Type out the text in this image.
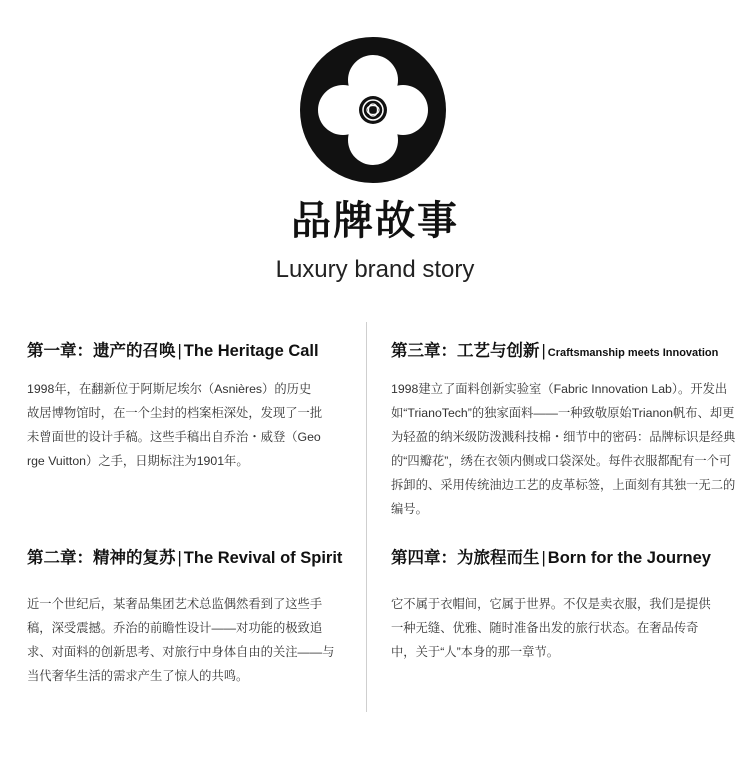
品牌故事
Luxury brand story
第一章：遗产的召唤 | The Heritage Call
1998年，在翻新位于阿斯尼埃尔（Asnières）的历史故居博物馆时，在一个尘封的档案柜深处，发现了一批未曾面世的设计手稿。这些手稿出自乔治・威登（George Vuitton）之手，日期标注为1901年。
第三章：工艺与创新 | Craftsmanship meets Innovation
1998建立了面料创新实验室（Fabric Innovation Lab）。开发出如“TrianoTech”的独家面料——一种致敬原始Trianon帆布、却更为轻盈的纳米级防泼溅科技棉・细节中的密码：品牌标识是经典的“四瓣花”，绣在衣领内侧或口袋深处。每件衣服都配有一个可拆卸的、采用传统油边工艺的皮革标签，上面刻有其独一无二的编号。
第二章：精神的复苏 | The Revival of Spirit
近一个世纪后，某奢品集团艺术总监偶然看到了这些手稿，深受震撼。乔治的前瞻性设计——对功能的极致追求、对面料的创新思考、对旅行中身体自由的关注——与当代奢华生活的需求产生了惊人的共鸣。
第四章：为旅程而生 | Born for the Journey
它不属于衣帽间，它属于世界。不仅是卖衣服，我们是提供一种无缝、优雅、随时准备出发的旅行状态。在奢品传奇中，关于“人”本身的那一章节。
